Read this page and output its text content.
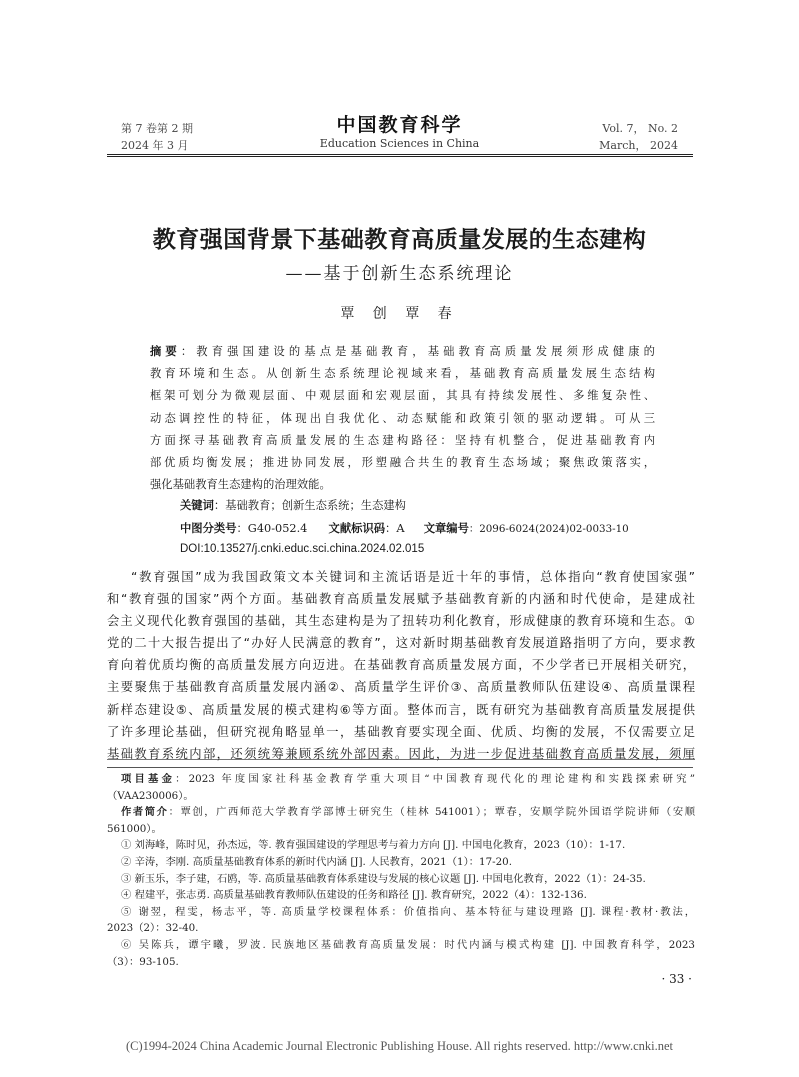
第 7 卷第 2 期
2024 年 3 月
中国教育科学
Education Sciences in China
Vol. 7， No. 2
March， 2024
教育强国背景下基础教育高质量发展的生态建构
——基于创新生态系统理论
覃 创 覃 春
摘要：教育强国建设的基点是基础教育，基础教育高质量发展须形成健康的
教育环境和生态。从创新生态系统理论视域来看，基础教育高质量发展生态结构
框架可划分为微观层面、中观层面和宏观层面，其具有持续发展性、多维复杂性、
动态调控性的特征，体现出自我优化、动态赋能和政策引领的驱动逻辑。可从三
方面探寻基础教育高质量发展的生态建构路径：坚持有机整合，促进基础教育内
部优质均衡发展；推进协同发展，形塑融合共生的教育生态场域；聚焦政策落实，
强化基础教育生态建构的治理效能。
关键词：基础教育；创新生态系统；生态建构
中图分类号：G40-052.4 文献标识码：A 文章编号：2096-6024(2024)02-0033-10
DOI:10.13527/j.cnki.educ.sci.china.2024.02.015
“教育强国”成为我国政策文本关键词和主流话语是近十年的事情，总体指向“教育使国家强”
和“教育强的国家”两个方面。基础教育高质量发展赋予基础教育新的内涵和时代使命，是建成社
会主义现代化教育强国的基础，其生态建构是为了扭转功利化教育，形成健康的教育环境和生态。①
党的二十大报告提出了“办好人民满意的教育”，这对新时期基础教育发展道路指明了方向，要求教
育向着优质均衡的高质量发展方向迈进。在基础教育高质量发展方面，不少学者已开展相关研究，
主要聚焦于基础教育高质量发展内涵②、高质量学生评价③、高质量教师队伍建设④、高质量课程
新样态建设⑤、高质量发展的模式建构⑥等方面。整体而言，既有研究为基础教育高质量发展提供
了许多理论基础，但研究视角略显单一，基础教育要实现全面、优质、均衡的发展，不仅需要立足
基础教育系统内部，还须统筹兼顾系统外部因素。因此，为进一步促进基础教育高质量发展，须厘
项目基金：2023 年度国家社科基金教育学重大项目“中国教育现代化的理论建构和实践探索研究”
（VAA230006）。
作者简介：覃创，广西师范大学教育学部博士研究生（桂林 541001）；覃春，安顺学院外国语学院讲师（安顺
561000）。
① 刘海峰，陈时见，孙杰远，等. 教育强国建设的学理思考与着力方向 [J]. 中国电化教育，2023（10）：1-17.
② 辛涛，李刚. 高质量基础教育体系的新时代内涵 [J]. 人民教育，2021（1）：17-20.
③ 新玉乐，李子建，石鸥，等. 高质量基础教育体系建设与发展的核心议题 [J]. 中国电化教育，2022（1）：24-35.
④ 程建平，张志勇. 高质量基础教育教师队伍建设的任务和路径 [J]. 教育研究，2022（4）：132-136.
⑤ 谢翌，程雯，杨志平，等. 高质量学校课程体系：价值指向、基本特征与建设理路 [J]. 课程·教材·教法，
2023（2）：32-40.
⑥ 吴陈兵，谭宇曦，罗波. 民族地区基础教育高质量发展：时代内涵与模式构建 [J]. 中国教育科学，2023
（3）：93-105.
· 33 ·
(C)1994-2024 China Academic Journal Electronic Publishing House. All rights reserved. http://www.cnki.net
